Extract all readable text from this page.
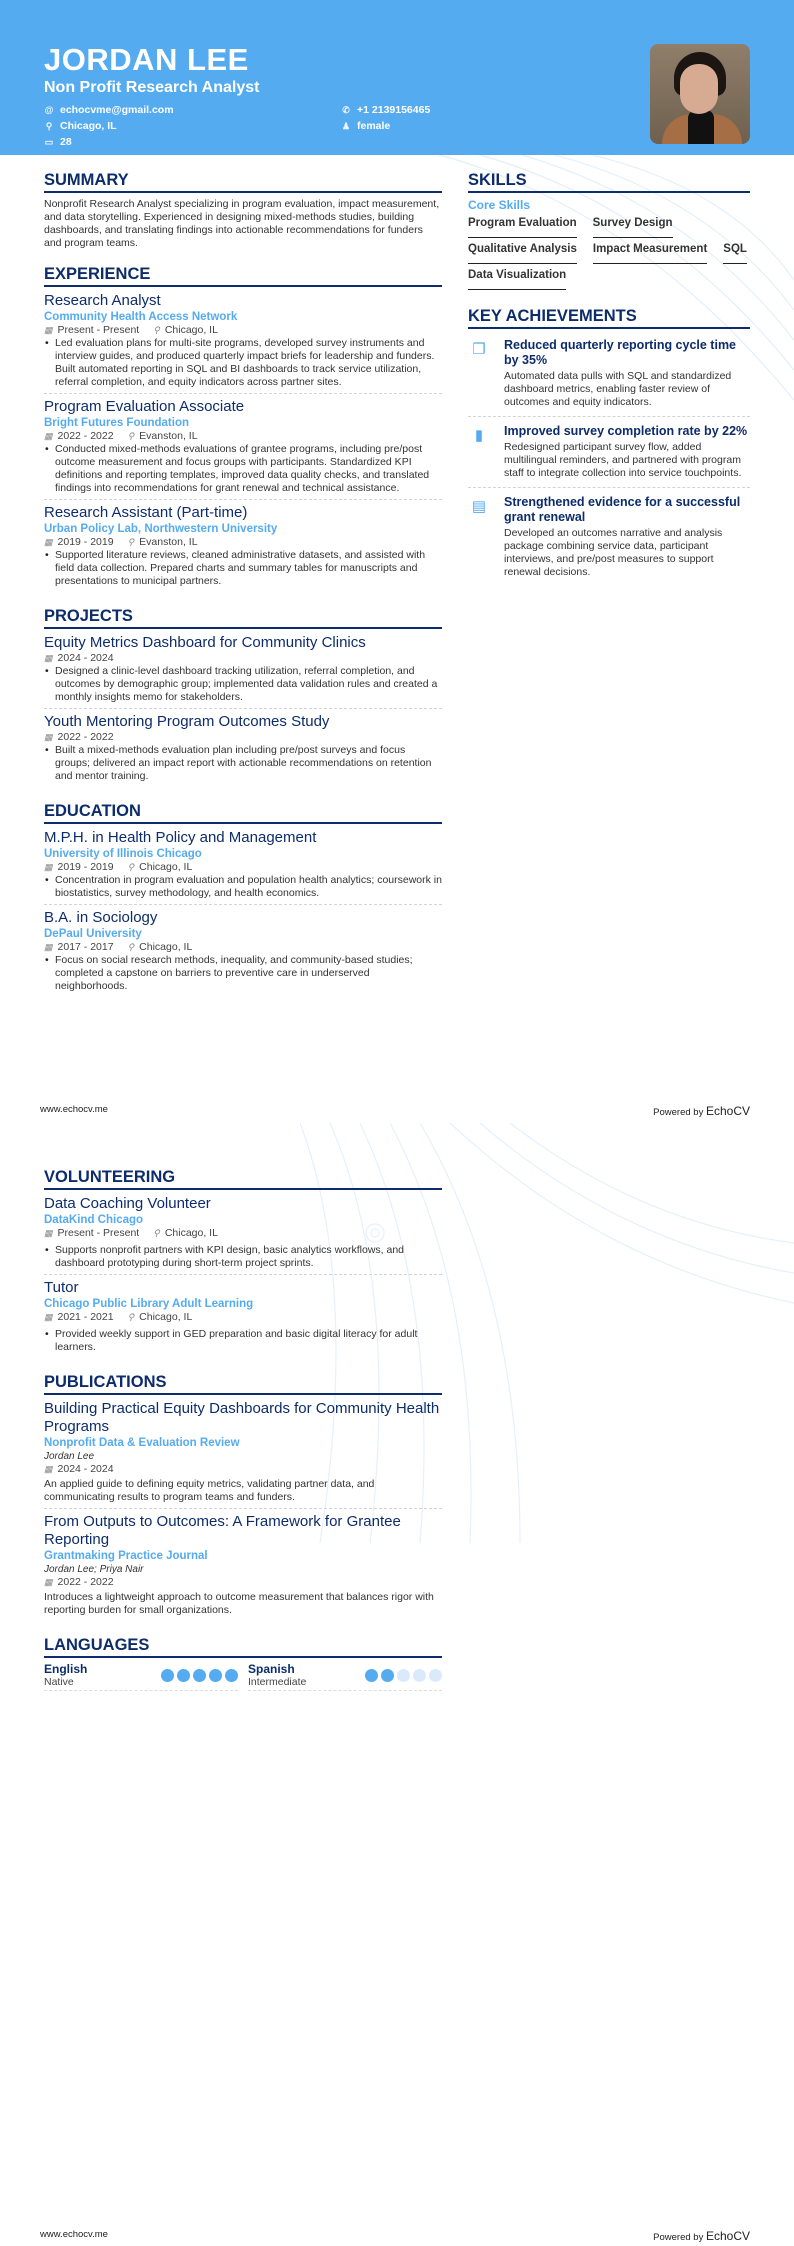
JORDAN LEE
Non Profit Research Analyst
@ echocvme@gmail.com	✆ +1 2139156465
⚲ Chicago, IL	♟ female
▭ 28
SUMMARY

Nonprofit Research Analyst specializing in program evaluation, impact measurement, and data storytelling. Experienced in designing mixed-methods studies, building dashboards, and translating findings into actionable recommendations for funders and program teams.

EXPERIENCE
Research Analyst
Community Health Access Network
▦ Present - Present ⚲ Chicago, IL
• Led evaluation plans for multi-site programs, developed survey instruments and interview guides, and produced quarterly impact briefs for leadership and funders. Built automated reporting in SQL and BI dashboards to track service utilization, referral completion, and equity indicators across partner sites.
Program Evaluation Associate
Bright Futures Foundation
▦ 2022 - 2022 ⚲ Evanston, IL
• Conducted mixed-methods evaluations of grantee programs, including pre/post outcome measurement and focus groups with participants. Standardized KPI definitions and reporting templates, improved data quality checks, and translated findings into recommendations for grant renewal and technical assistance.
Research Assistant (Part-time)
Urban Policy Lab, Northwestern University
▦ 2019 - 2019 ⚲ Evanston, IL
• Supported literature reviews, cleaned administrative datasets, and assisted with field data collection. Prepared charts and summary tables for manuscripts and presentations to municipal partners.
PROJECTS
Equity Metrics Dashboard for Community Clinics
▦ 2024 - 2024
• Designed a clinic-level dashboard tracking utilization, referral completion, and outcomes by demographic group; implemented data validation rules and created a monthly insights memo for stakeholders.
Youth Mentoring Program Outcomes Study
▦ 2022 - 2022
• Built a mixed-methods evaluation plan including pre/post surveys and focus groups; delivered an impact report with actionable recommendations on retention and mentor training.
EDUCATION
M.P.H. in Health Policy and Management
University of Illinois Chicago
▦ 2019 - 2019 ⚲ Chicago, IL
• Concentration in program evaluation and population health analytics; coursework in biostatistics, survey methodology, and health economics.
B.A. in Sociology
DePaul University
▦ 2017 - 2017 ⚲ Chicago, IL
• Focus on social research methods, inequality, and community-based studies; completed a capstone on barriers to preventive care in underserved neighborhoods.
SKILLS
Core Skills
Program Evaluation Survey Design
Qualitative Analysis Impact Measurement SQL
Data Visualization
KEY ACHIEVEMENTS
❐	Reduced quarterly reporting cycle time by 35%
Automated data pulls with SQL and standardized dashboard metrics, enabling faster review of outcomes and equity indicators.
▮	Improved survey completion rate by 22%
Redesigned participant survey flow, added multilingual reminders, and partnered with program staff to integrate collection into service touchpoints.
▤	Strengthened evidence for a successful grant renewal
Developed an outcomes narrative and analysis package combining service data, participant interviews, and pre/post measures to support renewal decisions.
www.echocv.me	Powered by EchoCV
VOLUNTEERING
Data Coaching Volunteer
DataKind Chicago
▦ Present - Present ⚲ Chicago, IL
• Supports nonprofit partners with KPI design, basic analytics workflows, and dashboard prototyping during short-term project sprints.
Tutor
Chicago Public Library Adult Learning
▦ 2021 - 2021 ⚲ Chicago, IL
• Provided weekly support in GED preparation and basic digital literacy for adult learners.
PUBLICATIONS
Building Practical Equity Dashboards for Community Health Programs
Nonprofit Data & Evaluation Review
Jordan Lee
▦ 2024 - 2024

An applied guide to defining equity metrics, validating partner data, and communicating results to program teams and funders.

From Outputs to Outcomes: A Framework for Grantee Reporting
Grantmaking Practice Journal
Jordan Lee; Priya Nair
▦ 2022 - 2022

Introduces a lightweight approach to outcome measurement that balances rigor with reporting burden for small organizations.

LANGUAGES
English
Native
Spanish
Intermediate
www.echocv.me	Powered by EchoCV
